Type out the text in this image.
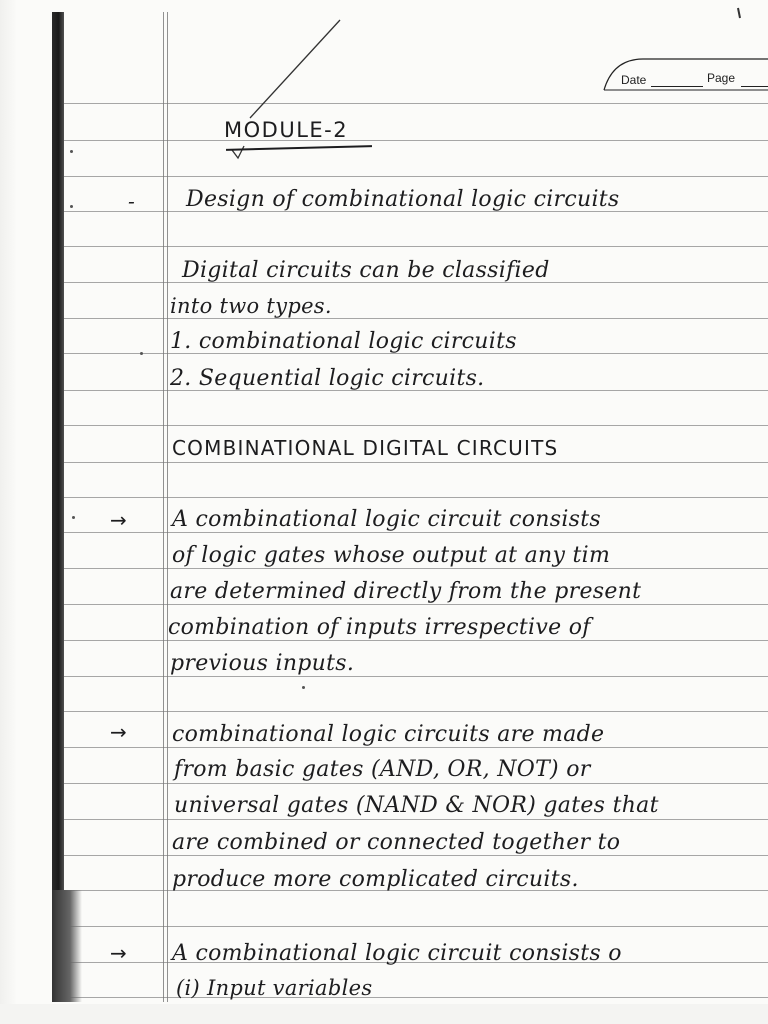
Date	Page
MODULE-2
- Design of combinational logic circuits
Digital circuits can be classified
into two types.
1. combinational logic circuits
2. Sequential logic circuits.
COMBINATIONAL DIGITAL CIRCUITS
→ A combinational logic circuit consists
of logic gates whose output at any tim
are determined directly from the present
combination of inputs irrespective of
previous inputs.
→ combinational logic circuits are made
from basic gates (AND, OR, NOT) or
universal gates (NAND & NOR) gates that
are combined or connected together to
produce more complicated circuits.
→ A combinational logic circuit consists o
(i) Input variables
